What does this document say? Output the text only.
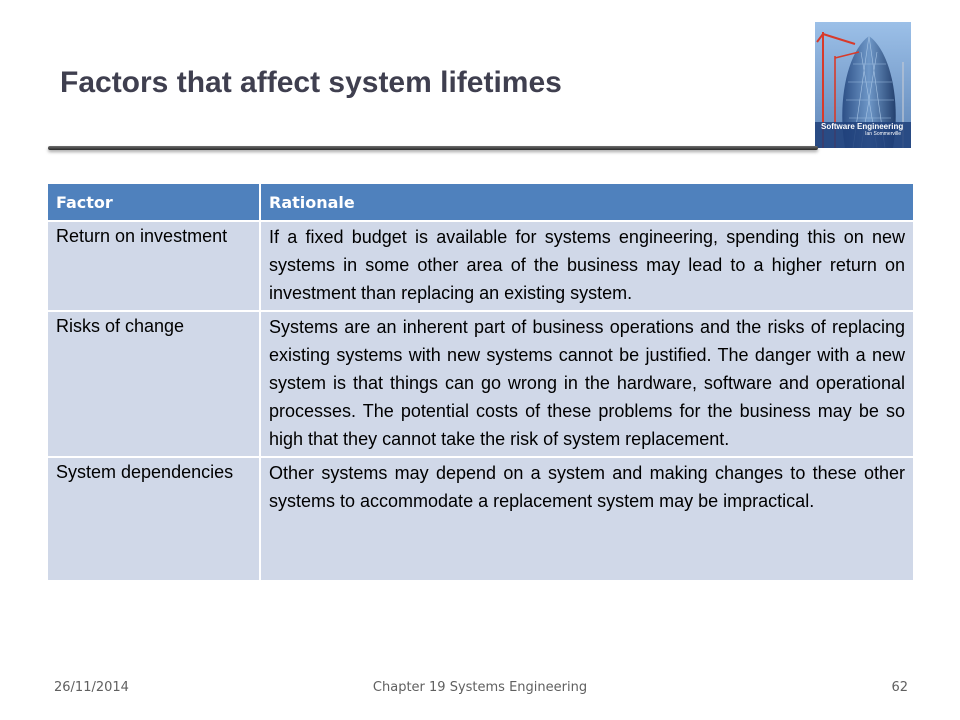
Factors that affect system lifetimes
Software Engineering
Ian Sommerville
Factor	Rationale
Return on investment	If a fixed budget is available for systems engineering, spending this on new systems in some other area of the business may lead to a higher return on investment than replacing an existing system.
Risks of change	Systems are an inherent part of business operations and the risks of replacing existing systems with new systems cannot be justified. The danger with a new system is that things can go wrong in the hardware, software and operational processes. The potential costs of these problems for the business may be so high that they cannot take the risk of system replacement.
System dependencies	Other systems may depend on a system and making changes to these other systems to accommodate a replacement system may be impractical.
26/11/2014	Chapter 19 Systems Engineering	62
